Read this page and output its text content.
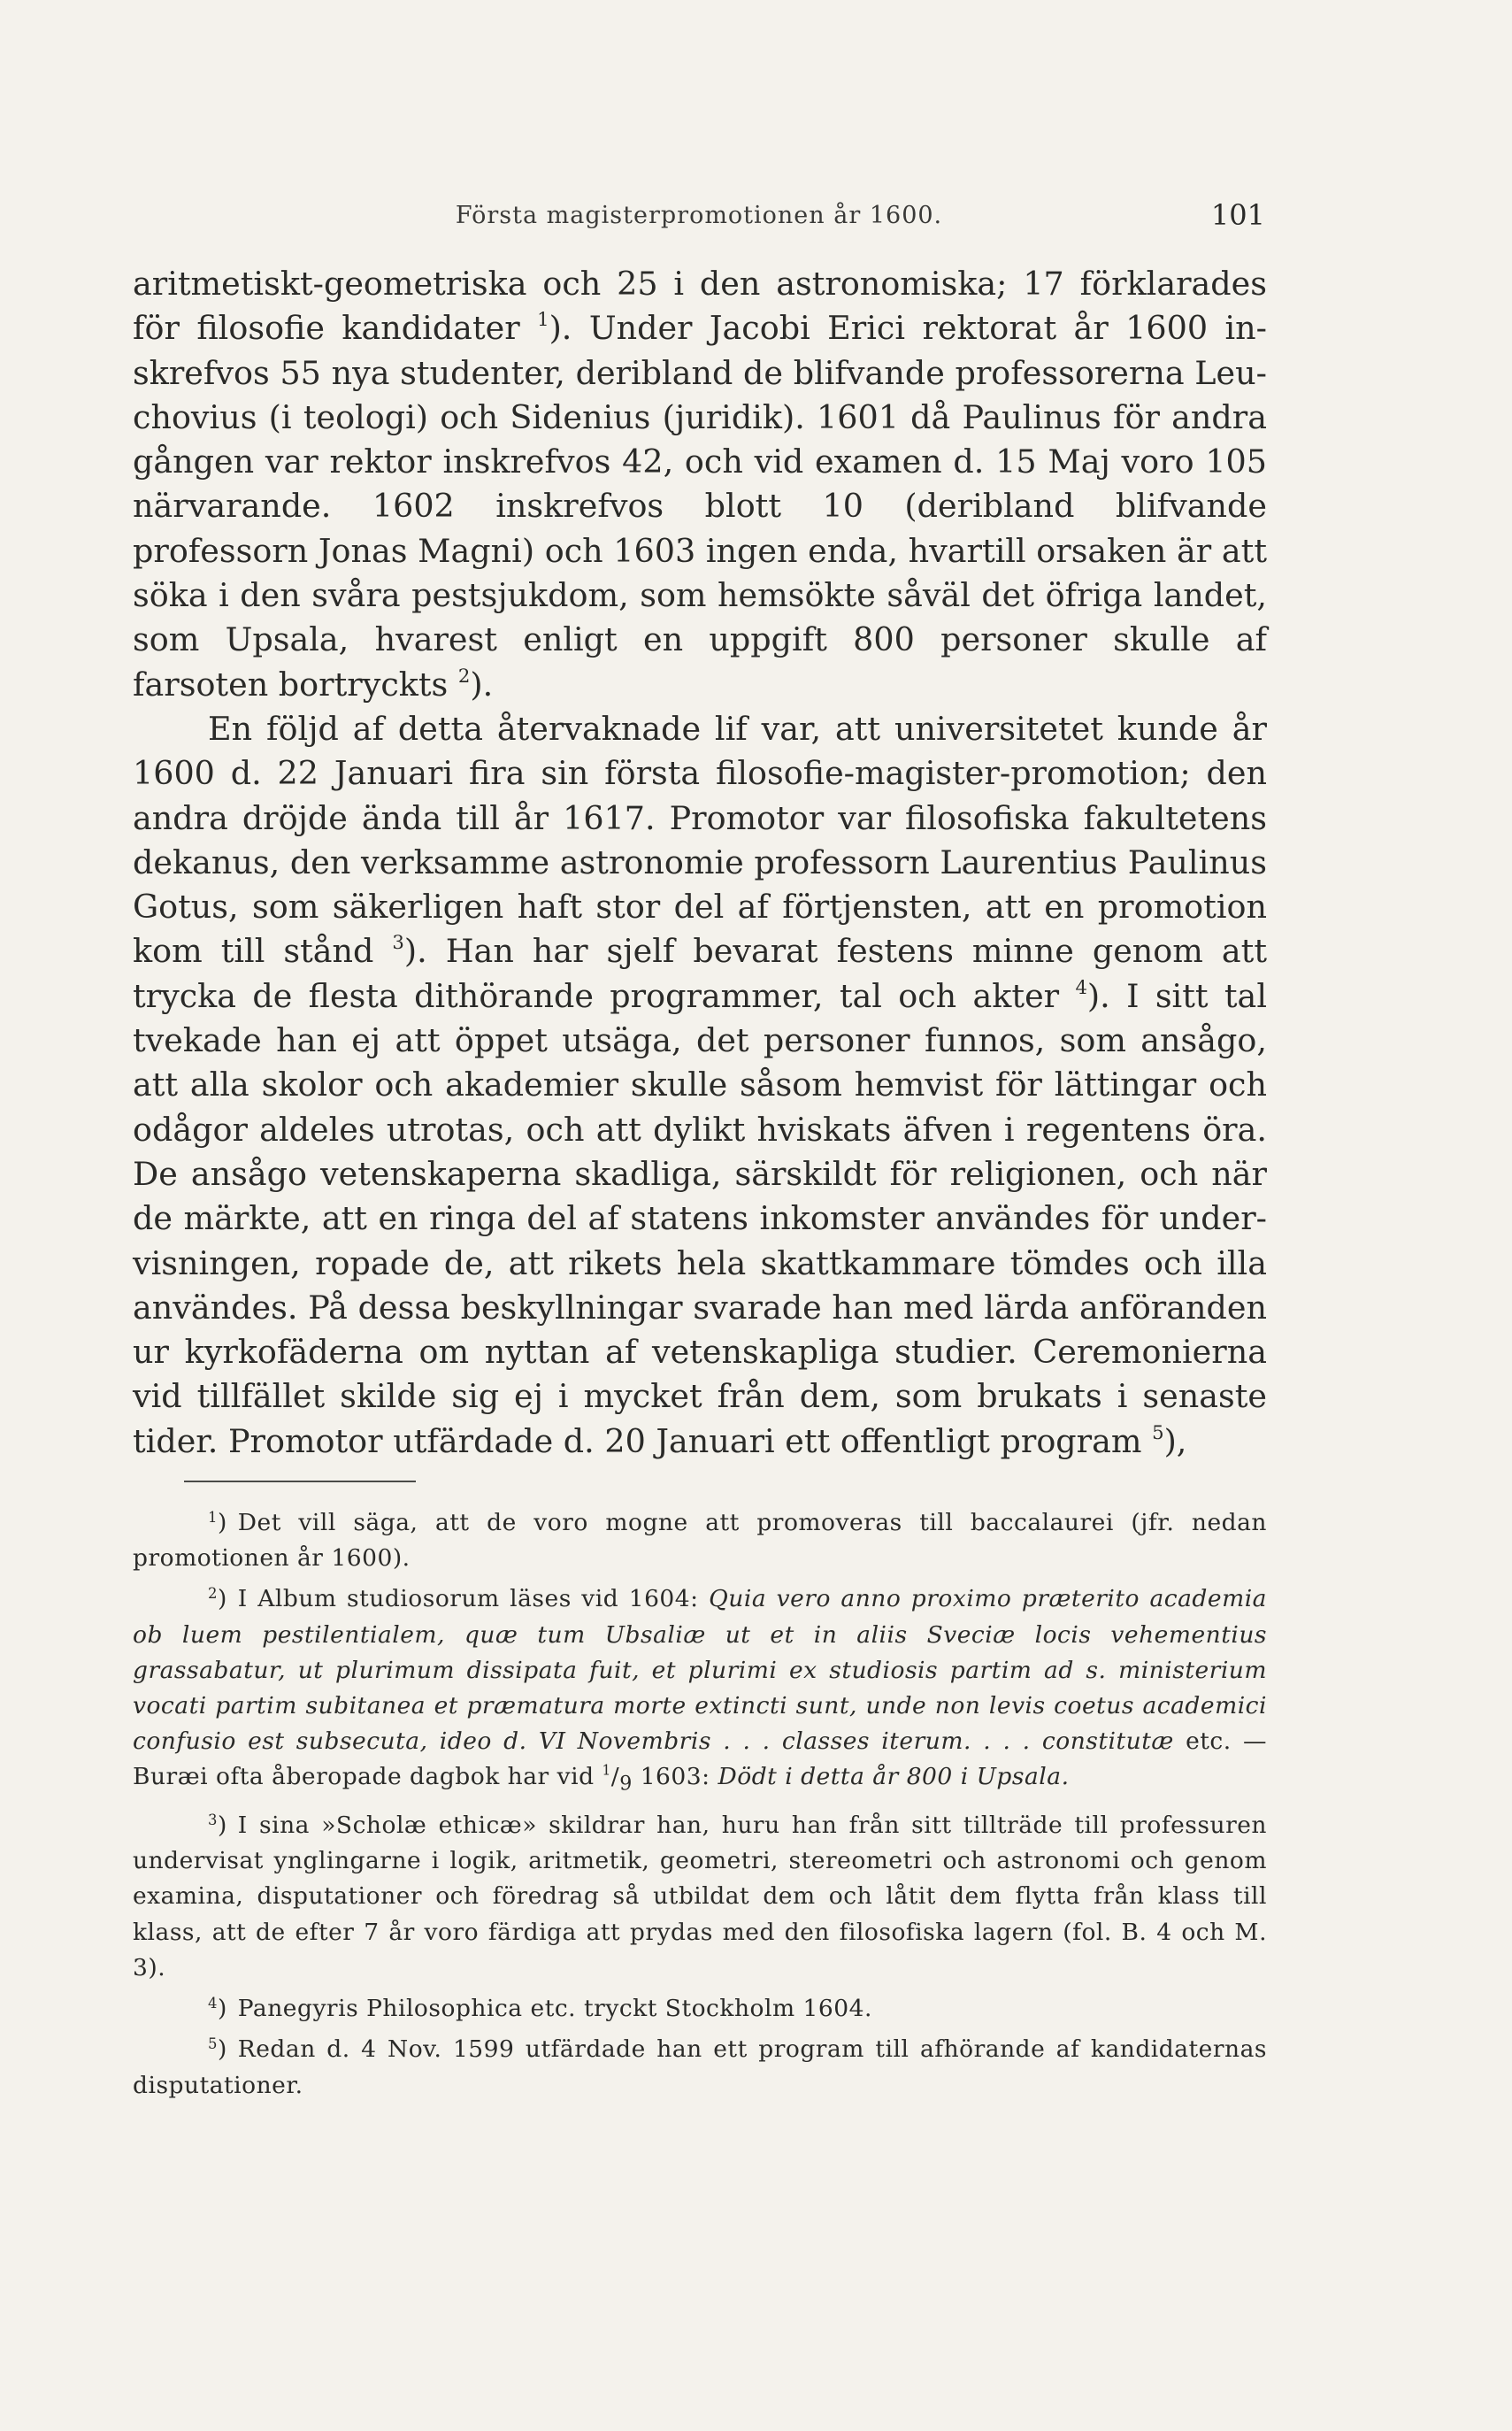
Första magisterpromotionen år 1600.	101

aritmetiskt-geometriska och 25 i den astronomiska; 17 förklarades för filosofie kandidater $^1$). Under Jacobi Erici rektorat år 1600 inskrefvos 55 nya studenter, deribland de blifvande professorerna Leuchovius (i teologi) och Sidenius (juridik). 1601 då Paulinus för andra gången var rektor inskrefvos 42, och vid examen d. 15 Maj voro 105 närvarande. 1602 inskrefvos blott 10 (deribland blifvande professorn Jonas Magni) och 1603 ingen enda, hvartill orsaken är att söka i den svåra pestsjukdom, som hemsökte såväl det öfriga landet, som Upsala, hvarest enligt en uppgift 800 personer skulle af farsoten bortryckts $^2$).

En följd af detta återvaknade lif var, att universitetet kunde år 1600 d. 22 Januari fira sin första filosofie-magister-promotion; den andra dröjde ända till år 1617. Promotor var filosofiska fakultetens dekanus, den verksamme astronomie professorn Laurentius Paulinus Gotus, som säkerligen haft stor del af förtjensten, att en promotion kom till stånd $^3$). Han har sjelf bevarat festens minne genom att trycka de flesta dithörande programmer, tal och akter $^4$). I sitt tal tvekade han ej att öppet utsäga, det personer funnos, som ansågo, att alla skolor och akademier skulle såsom hemvist för lättingar och odågor aldeles utrotas, och att dylikt hviskats äfven i regentens öra. De ansågo vetenskaperna skadliga, särskildt för religionen, och när de märkte, att en ringa del af statens inkomster användes för undervisningen, ropade de, att rikets hela skattkammare tömdes och illa användes. På dessa beskyllningar svarade han med lärda anföranden ur kyrkofäderna om nyttan af vetenskapliga studier. Ceremonierna vid tillfället skilde sig ej i mycket från dem, som brukats i senaste tider. Promotor utfärdade d. 20 Januari ett offentligt program $^5$),

$^1$) Det vill säga, att de voro mogne att promoveras till baccalaurei (jfr. nedan promotionen år 1600).

$^2$) I Album studiosorum läses vid 1604: Quia vero anno proximo præterito academia ob luem pestilentialem, quæ tum Ubsaliæ ut et in aliis Sveciæ locis vehementius grassabatur, ut plurimum dissipata fuit, et plurimi ex studiosis partim ad s. ministerium vocati partim subitanea et præmatura morte extincti sunt, unde non levis coetus academici confusio est subsecuta, ideo d. VI Novembris . . . classes iterum. . . . constitutæ etc. — Buræi ofta åberopade dagbok har vid $^1/_9$ 1603: Dödt i detta år 800 i Upsala.

$^3$) I sina »Scholæ ethicæ» skildrar han, huru han från sitt tillträde till professuren undervisat ynglingarne i logik, aritmetik, geometri, stereometri och astronomi och genom examina, disputationer och föredrag så utbildat dem och låtit dem flytta från klass till klass, att de efter 7 år voro färdiga att prydas med den filosofiska lagern (fol. B. 4 och M. 3).

$^4$) Panegyris Philosophica etc. tryckt Stockholm 1604.

$^5$) Redan d. 4 Nov. 1599 utfärdade han ett program till afhörande af kandidaternas disputationer.
